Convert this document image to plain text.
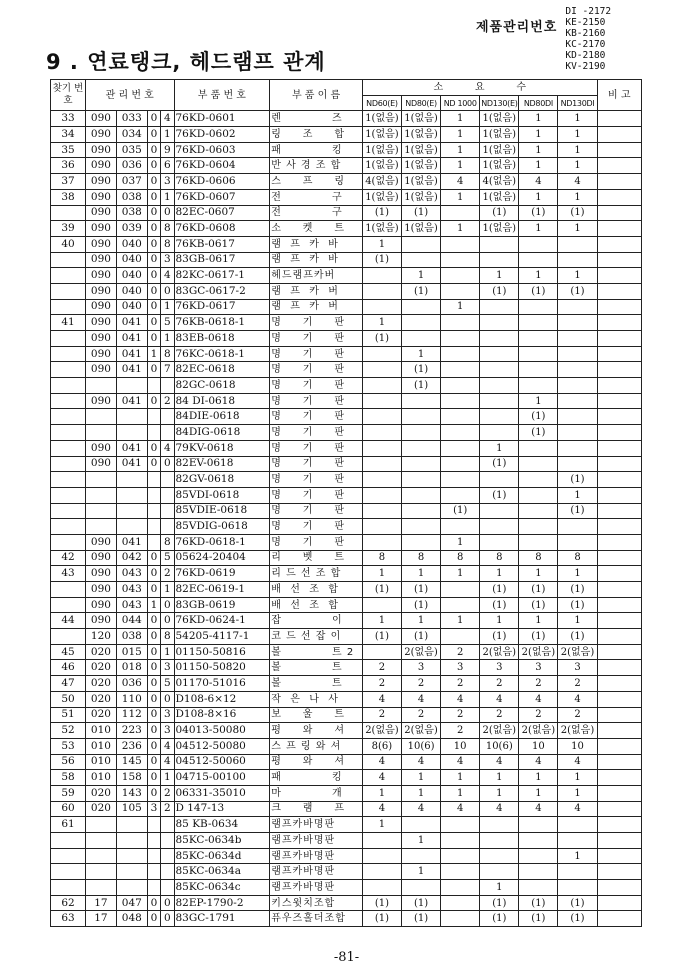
제품관리번호
DI -2172
KE-2150
KB-2160
KC-2170
KD-2180
KV-2190
9 . 연료탱크, 헤드램프 관계
찾기 번호	관 리 번 호				부 품 번 호	부 품 이 름	소          요          수						비 고
							ND60(E)	ND80(E)	ND 1000	ND130(E)	ND80DI	ND130DI	
33	090	033	0	4	76KD-0601	렌            즈	1(없음)	1(없음)	1	1(없음)	1	1	
34	090	034	0	1	76KD-0602	링     조     합	1(없음)	1(없음)	1	1(없음)	1	1	
35	090	035	0	9	76KD-0603	패            킹	1(없음)	1(없음)	1	1(없음)	1	1	
36	090	036	0	6	76KD-0604	반 사 경 조 합	1(없음)	1(없음)	1	1(없음)	1	1	
37	090	037	0	3	76KD-0606	스     프     링	4(없음)	1(없음)	4	4(없음)	4	4	
38	090	038	0	1	76KD-0607	전            구	1(없음)	1(없음)	1	1(없음)	1	1	
	090	038	0	0	82EC-0607	전            구	(1)	(1)		(1)	(1)	(1)	
39	090	039	0	8	76KD-0608	소     켓     트	1(없음)	1(없음)	1	1(없음)	1	1	
40	090	040	0	8	76KB-0617	램  프  카  바	1						
	090	040	0	3	83GB-0617	램  프  카  바	(1)						
	090	040	0	4	82KC-0617-1	헤드램프카버		1		1	1	1	
	090	040	0	0	83GC-0617-2	램  프  카  버		(1)		(1)	(1)	(1)	
	090	040	0	1	76KD-0617	램  프  카  버			1				
41	090	041	0	5	76KB-0618-1	명     기     판	1						
	090	041	0	1	83EB-0618	명     기     판	(1)						
	090	041	1	8	76KC-0618-1	명     기     판		1					
	090	041	0	7	82EC-0618	명     기     판		(1)					
					82GC-0618	명     기     판		(1)					
	090	041	0	2	84 DI-0618	명     기     판					1		
					84DIE-0618	명     기     판					(1)		
					84DIG-0618	명     기     판					(1)		
	090	041	0	4	79KV-0618	명     기     판				1			
	090	041	0	0	82EV-0618	명     기     판				(1)			
					82GV-0618	명     기     판						(1)	
					85VDI-0618	명     기     판				(1)		1	
					85VDIE-0618	명     기     판			(1)			(1)	
					85VDIG-0618	명     기     판							
	090	041		8	76KD-0618-1	명     기     판			1				
42	090	042	0	5	05624-20404	리     벳     트	8	8	8	8	8	8	
43	090	043	0	2	76KD-0619	리 드 선 조 합	1	1	1	1	1	1	
	090	043	0	1	82EC-0619-1	배  선  조  합	(1)	(1)		(1)	(1)	(1)	
	090	043	1	0	83GB-0619	배  선  조  합		(1)		(1)	(1)	(1)	
44	090	044	0	0	76KD-0624-1	잡            이	1	1	1	1	1	1	
	120	038	0	8	54205-4117-1	코 드 선 잡 이	(1)	(1)		(1)	(1)	(1)	
45	020	015	0	1	01150-50816	볼            트 2		2(없음)	2	2(없음)	2(없음)	2(없음)	
46	020	018	0	3	01150-50820	볼            트	2	3	3	3	3	3	
47	020	036	0	5	01170-51016	볼            트	2	2	2	2	2	2	
50	020	110	0	0	D108-6×12	작  은  나  사	4	4	4	4	4	4	
51	020	112	0	3	D108-8×16	보     울     트	2	2	2	2	2	2	
52	010	223	0	3	04013-50080	평     와     셔	2(없음)	2(없음)	2	2(없음)	2(없음)	2(없음)	
53	010	236	0	4	04512-50080	스 프 링 와 셔	8(6)	10(6)	10	10(6)	10	10	
56	010	145	0	4	04512-50060	평     와     셔	4	4	4	4	4	4	
58	010	158	0	1	04715-00100	패            킹	4	1	1	1	1	1	
59	020	143	0	2	06331-35010	마            개	1	1	1	1	1	1	
60	020	105	3	2	D 147-13	크     램     프	4	4	4	4	4	4	
61					85 KB-0634	램프카바명판	1						
					85KC-0634b	램프카바명판		1					
					85KC-0634d	램프카바명판						1	
					85KC-0634a	램프카바명판		1					
					85KC-0634c	램프카바명판				1			
62	17	047	0	0	82EP-1790-2	키스윗치조합	(1)	(1)		(1)	(1)	(1)	
63	17	048	0	0	83GC-1791	퓨우즈홀더조합	(1)	(1)		(1)	(1)	(1)	
-81-
